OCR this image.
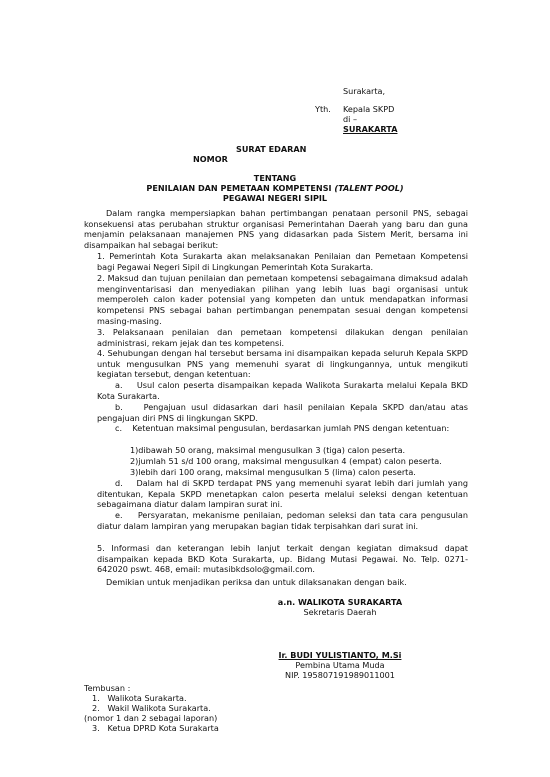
Surakarta,
Yth. Kepala SKPD
di –
SURAKARTA
SURAT EDARAN
NOMOR
TENTANG
PENILAIAN DAN PEMETAAN KOMPETENSI (TALENT POOL)
PEGAWAI NEGERI SIPIL
Dalam rangka mempersiapkan bahan pertimbangan penataan personil PNS, sebagai konsekuensi atas perubahan struktur organisasi Pemerintahan Daerah yang baru dan guna menjamin pelaksanaan manajemen PNS yang didasarkan pada Sistem Merit, bersama ini disampaikan hal sebagai berikut:
1. Pemerintah Kota Surakarta akan melaksanakan Penilaian dan Pemetaan Kompetensi bagi Pegawai Negeri Sipil di Lingkungan Pemerintah Kota Surakarta.
2. Maksud dan tujuan penilaian dan pemetaan kompetensi sebagaimana dimaksud adalah menginventarisasi dan menyediakan pilihan yang lebih luas bagi organisasi untuk memperoleh calon kader potensial yang kompeten dan untuk mendapatkan informasi kompetensi PNS sebagai bahan pertimbangan penempatan sesuai dengan kompetensi masing-masing.
3. Pelaksanaan penilaian dan pemetaan kompetensi dilakukan dengan penilaian administrasi, rekam jejak dan tes kompetensi.
4. Sehubungan dengan hal tersebut bersama ini disampaikan kepada seluruh Kepala SKPD untuk mengusulkan PNS yang memenuhi syarat di lingkungannya, untuk mengikuti kegiatan tersebut, dengan ketentuan:
a.    Usul calon peserta disampaikan kepada Walikota Surakarta melalui Kepala BKD Kota Surakarta.
b.    Pengajuan usul didasarkan dari hasil penilaian Kepala SKPD dan/atau atas pengajuan diri PNS di lingkungan SKPD.
c.    Ketentuan maksimal pengusulan, berdasarkan jumlah PNS dengan ketentuan:
1)dibawah 50 orang, maksimal mengusulkan 3 (tiga) calon peserta.
2)jumlah 51 s/d 100 orang, maksimal mengusulkan 4 (empat) calon peserta.
3)lebih dari 100 orang, maksimal mengusulkan 5 (lima) calon peserta.
d.    Dalam hal di SKPD terdapat PNS yang memenuhi syarat lebih dari jumlah yang ditentukan, Kepala SKPD menetapkan calon peserta melalui seleksi dengan ketentuan sebagaimana diatur dalam lampiran surat ini.
e.    Persyaratan, mekanisme penilaian, pedoman seleksi dan tata cara pengusulan diatur dalam lampiran yang merupakan bagian tidak terpisahkan dari surat ini.
5. Informasi dan keterangan lebih lanjut terkait dengan kegiatan dimaksud dapat disampaikan kepada BKD Kota Surakarta, up. Bidang Mutasi Pegawai. No. Telp. 0271-642020 pswt. 468, email: mutasibkdsolo@gmail.com.
Demikian untuk menjadikan periksa dan untuk dilaksanakan dengan baik.
a.n. WALIKOTA SURAKARTA
Sekretaris Daerah
Ir. BUDI YULISTIANTO, M.Si
Pembina Utama Muda
NIP. 195807191989011001
Tembusan :
1.   Walikota Surakarta.
2.   Wakil Walikota Surakarta.
(nomor 1 dan 2 sebagai laporan)
3.   Ketua DPRD Kota Surakarta
